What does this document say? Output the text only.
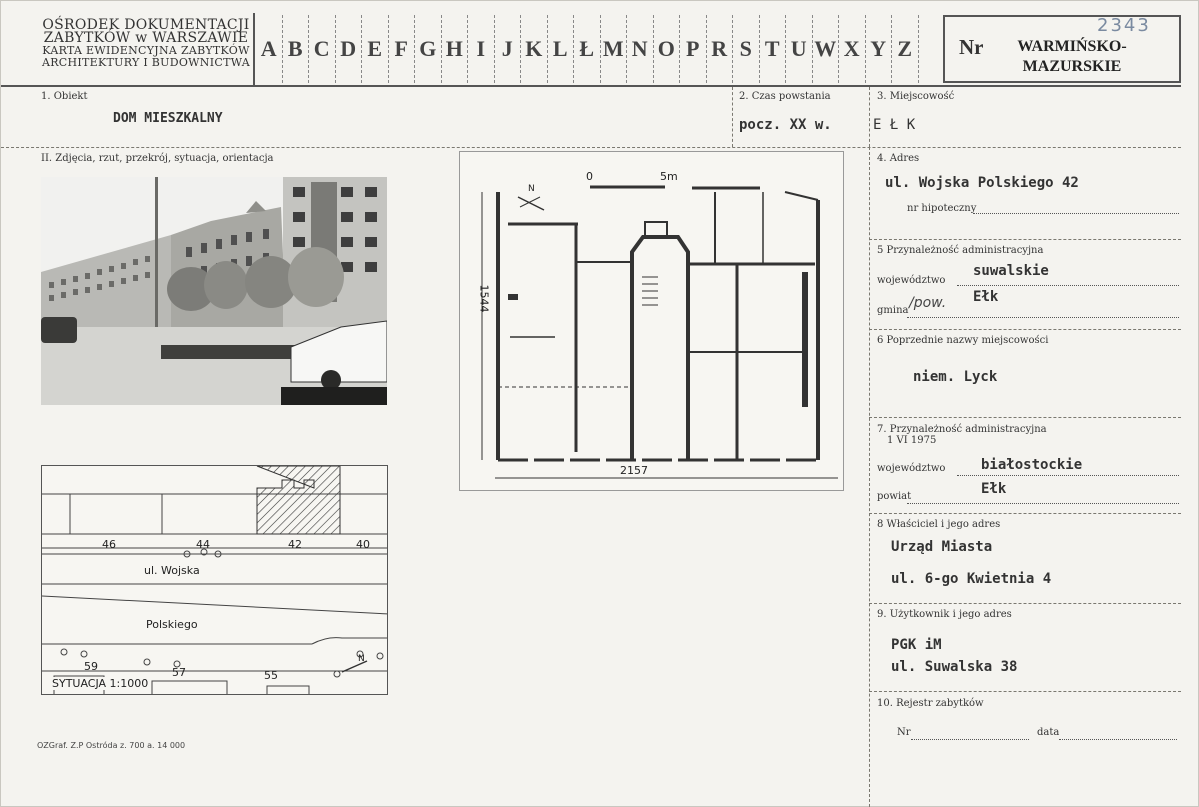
OŚRODEK DOKUMENTACJI
ZABYTKÓW w WARSZAWIE
KARTA EWIDENCYJNA ZABYTKÓW
ARCHITEKTURY I BUDOWNICTWA
A B C D E F G H I J K L Ł M N O P R S T U W X Y Z	Nr
2343
WARMIŃSKO-
MAZURSKIE
1. Obiekt
DOM MIESZKALNY
2. Czas powstania
pocz. XX w.
3. Miejscowość
E Ł K
II. Zdjęcia, rzut, przekrój, sytuacja, orientacja
0	5m
N
1544
2157
46	44	42	40
ul. Wojska
Polskiego
59	57	55
SYTUACJA 1:1000
N
4. Adres
ul. Wojska Polskiego 42
nr hipoteczny
5 Przynależność administracyjna
województwo
suwalskie
gmina /pow. Ełk
6 Poprzednie nazwy miejscowości
niem. Lyck
7. Przynależność administracyjna
1 VI 1975
województwo	białostockie
powiat	Ełk
8 Właściciel i jego adres
Urząd Miasta
ul. 6-go Kwietnia 4
9. Użytkownik i jego adres
PGK iM
ul. Suwalska 38
10. Rejestr zabytków
Nr	data
OZGraf. Z.P Ostróda z. 700 a. 14 000
